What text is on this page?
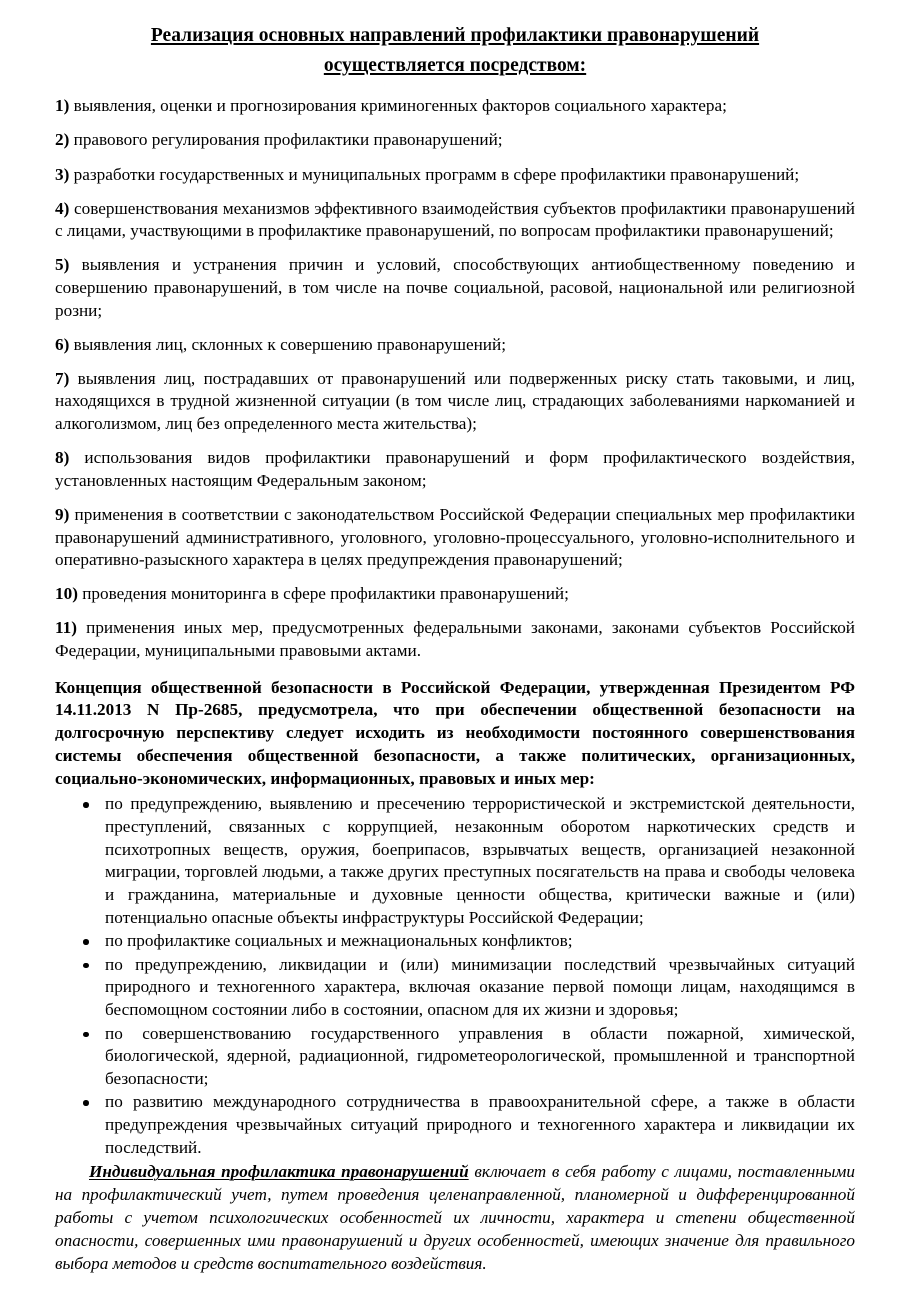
Реализация основных направлений профилактики правонарушений
осуществляется посредством:

1) выявления, оценки и прогнозирования криминогенных факторов социального характера;

2) правового регулирования профилактики правонарушений;

3) разработки государственных и муниципальных программ в сфере профилактики правонарушений;

4) совершенствования механизмов эффективного взаимодействия субъектов профилактики правонарушений с лицами, участвующими в профилактике правонарушений, по вопросам профилактики правонарушений;

5) выявления и устранения причин и условий, способствующих антиобщественному поведению и совершению правонарушений, в том числе на почве социальной, расовой, национальной или религиозной розни;

6) выявления лиц, склонных к совершению правонарушений;

7) выявления лиц, пострадавших от правонарушений или подверженных риску стать таковыми, и лиц, находящихся в трудной жизненной ситуации (в том числе лиц, страдающих заболеваниями наркоманией и алкоголизмом, лиц без определенного места жительства);

8) использования видов профилактики правонарушений и форм профилактического воздействия, установленных настоящим Федеральным законом;

9) применения в соответствии с законодательством Российской Федерации специальных мер профилактики правонарушений административного, уголовного, уголовно-процессуального, уголовно-исполнительного и оперативно-разыскного характера в целях предупреждения правонарушений;

10) проведения мониторинга в сфере профилактики правонарушений;

11) применения иных мер, предусмотренных федеральными законами, законами субъектов Российской Федерации, муниципальными правовыми актами.

Концепция общественной безопасности в Российской Федерации, утвержденная Президентом РФ 14.11.2013 N Пр-2685, предусмотрела, что при обеспечении общественной безопасности на долгосрочную перспективу следует исходить из необходимости постоянного совершенствования системы обеспечения общественной безопасности, а также политических, организационных, социально-экономических, информационных, правовых и иных мер:

по предупреждению, выявлению и пресечению террористической и экстремистской деятельности, преступлений, связанных с коррупцией, незаконным оборотом наркотических средств и психотропных веществ, оружия, боеприпасов, взрывчатых веществ, организацией незаконной миграции, торговлей людьми, а также других преступных посягательств на права и свободы человека и гражданина, материальные и духовные ценности общества, критически важные и (или) потенциально опасные объекты инфраструктуры Российской Федерации;
по профилактике социальных и межнациональных конфликтов;
по предупреждению, ликвидации и (или) минимизации последствий чрезвычайных ситуаций природного и техногенного характера, включая оказание первой помощи лицам, находящимся в беспомощном состоянии либо в состоянии, опасном для их жизни и здоровья;
по совершенствованию государственного управления в области пожарной, химической, биологической, ядерной, радиационной, гидрометеорологической, промышленной и транспортной безопасности;
по развитию международного сотрудничества в правоохранительной сфере, а также в области предупреждения чрезвычайных ситуаций природного и техногенного характера и ликвидации их последствий.

Индивидуальная профилактика правонарушений включает в себя работу с лицами, поставленными на профилактический учет, путем проведения целенаправленной, планомерной и дифференцированной работы с учетом психологических особенностей их личности, характера и степени общественной опасности, совершенных ими правонарушений и других особенностей, имеющих значение для правильного выбора методов и средств воспитательного воздействия.
